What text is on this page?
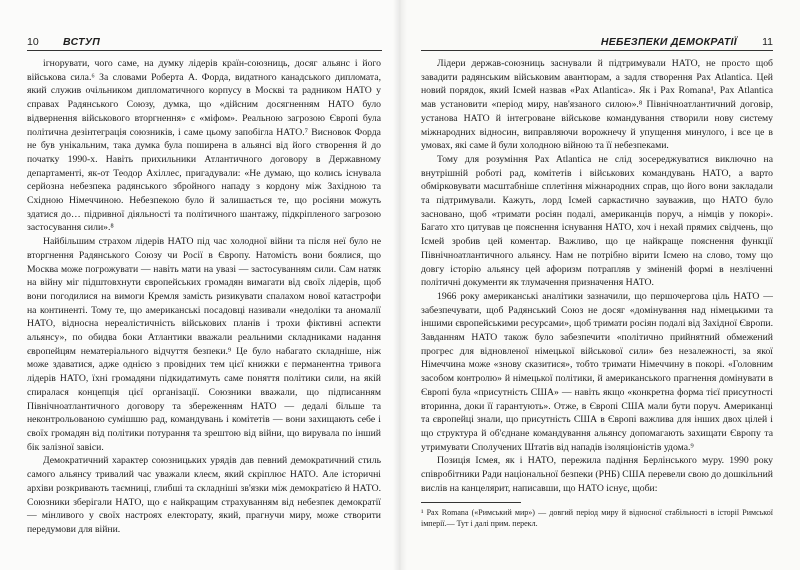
10 ВСТУП

ігнорувати, чого саме, на думку лідерів країн-союзниць, досяг альянс і його військова сила.⁶ За словами Роберта А. Форда, видатного канадського дипломата, який служив очільником дипломатичного корпусу в Москві та радником НАТО у справах Радянського Союзу, думка, що «дійсним досягненням НАТО було відвернення військового вторгнення» є «міфом». Реальною загрозою Європі була політична дезінтеграція союзників, і саме цьому запобігла НАТО.⁷ Висновок Форда не був унікальним, така думка була поширена в альянсі від його створення й до початку 1990-х. Навіть прихильники Атлантичного договору в Державному департаменті, як-от Теодор Ахіллес, пригадували: «Не думаю, що колись існувала серйозна небезпека радянського збройного нападу з кордону між Західною та Східною Німеччиною. Небезпекою було й залишається те, що росіяни можуть здатися до… підривної діяльності та політичного шантажу, підкріпленого загрозою застосування сили».⁸

Найбільшим страхом лідерів НАТО під час холодної війни та після неї було не вторгнення Радянського Союзу чи Росії в Європу. Натомість вони боялися, що Москва може погрожувати — навіть мати на увазі — застосуванням сили. Сам натяк на війну міг підштовхнути європейських громадян вимагати від своїх лідерів, щоб вони погодилися на вимоги Кремля замість ризикувати спалахом нової катастрофи на континенті. Тому те, що американські посадовці називали «недоліки та аномалії НАТО, відносна нереалістичність військових планів і трохи фіктивні аспекти альянсу», по обидва боки Атлантики вважали реальними складниками надання європейцям нематеріального відчуття безпеки.⁹ Це було набагато складніше, ніж може здаватися, адже однією з провідних тем цієї книжки є перманентна тривога лідерів НАТО, їхні громадяни підкидатимуть саме поняття політики сили, на якій спиралася концепція цієї організації. Союзники вважали, що підписанням Північноатлантичного договору та збереженням НАТО — дедалі більше та неконтрольованою сумішшю рад, командувань і комітетів — вони захищають себе і своїх громадян від політики потурання та зрештою від війни, що вирувала по інший бік залізної завіси.

Демократичний характер союзницьких урядів дав певний демократичний стиль самого альянсу тривалий час уважали клеєм, який скріплює НАТО. Але історичні архіви розкривають таємниці, глибші та складніші зв'язки між демократією й НАТО. Союзники зберігали НАТО, що є найкращим страхуванням від небезпек демократії — мінливого у своїх настроях електорату, який, прагнучи миру, може створити передумови для війни.

НЕБЕЗПЕКИ ДЕМОКРАТІЇ 11

Лідери держав-союзниць заснували й підтримували НАТО, не просто щоб завадити радянським військовим авантюрам, а задля створення Pax Atlantica. Цей новий порядок, який Ісмей назвав «Pax Atlantica». Як і Pax Romana¹, Pax Atlantica мав установити «період миру, нав'язаного силою».⁸ Північноатлантичний договір, установа НАТО й інтегроване військове командування створили нову систему міжнародних відносин, виправляючи ворожнечу й упущення минулого, і все це в умовах, які саме й були холодною війною та її небезпеками.

Тому для розуміння Pax Atlantica не слід зосереджуватися виключно на внутрішній роботі рад, комітетів і військових командувань НАТО, а варто обмірковувати масштабніше сплетіння міжнародних справ, що його вони закладали та підтримували. Кажуть, лорд Ісмей саркастично зауважив, що НАТО було засновано, щоб «тримати росіян подалі, американців поруч, а німців у покорі». Багато хто цитував це пояснення існування НАТО, хоч і нехай прямих свідчень, що Ісмей зробив цей коментар. Важливо, що це найкраще пояснення функції Північноатлантичного альянсу. Нам не потрібно вірити Ісмею на слово, тому що довгу історію альянсу цей афоризм потрапляв у зміненій формі в незліченні політичні документи як тлумачення призначення НАТО.

1966 року американські аналітики зазначили, що першочергова ціль НАТО — забезпечувати, щоб Радянський Союз не досяг «домінування над німецькими та іншими європейськими ресурсами», щоб тримати росіян подалі від Західної Європи. Завданням НАТО також було забезпечити «політично прийнятний обмежений прогрес для відновленої німецької військової сили» без незалежності, за якої Німеччина може «знову сказитися», тобто тримати Німеччину в покорі. «Головним засобом контролю» й німецької політики, й американського прагнення домінувати в Європі була «присутність США» — навіть якщо «конкретна форма тієї присутності вторинна, доки її гарантують». Отже, в Європі США мали бути поруч. Американці та європейці знали, що присутність США в Європі важлива для інших двох цілей і що структура й об'єднане командування альянсу допомагають захищати Європу та утримувати Сполучених Штатів від нападів ізоляціоністів удома.⁹

Позиція Ісмея, як і НАТО, пережила падіння Берлінського муру. 1990 року співробітники Ради національної безпеки (РНБ) США перевели свою до дошкільний вислів на канцелярит, написавши, що НАТО існує, щоби:

¹ Pax Romana («Римський мир») — довгий період миру й відносної стабільності в історії Римської імперії.— Тут і далі прим. перекл.
